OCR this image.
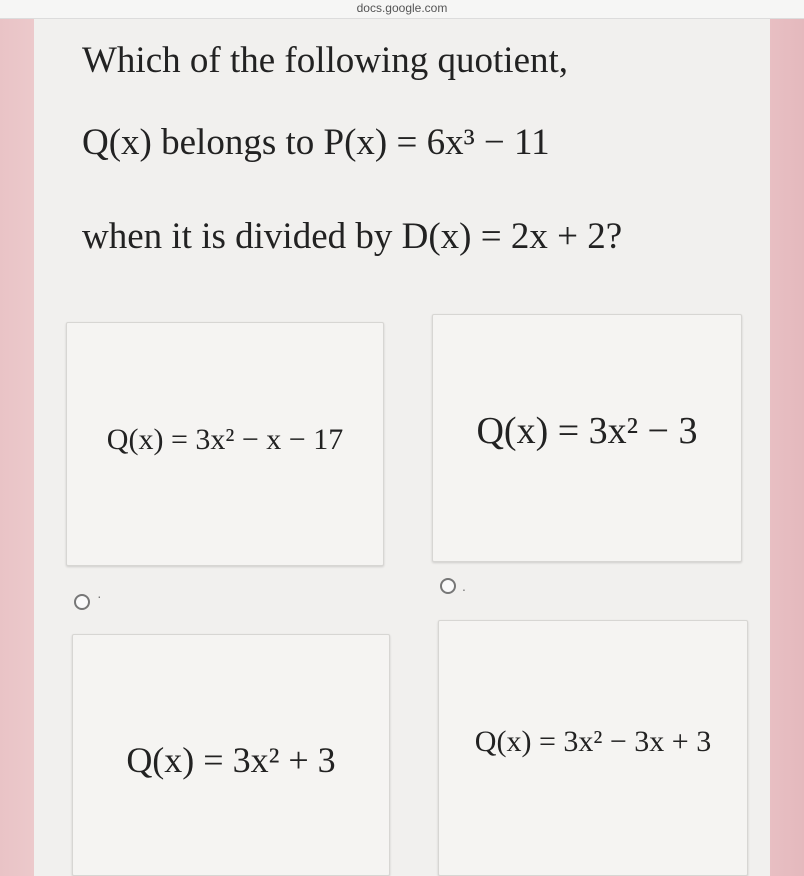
docs.google.com
Which of the following quotient,
Q(x) belongs to P(x) = 6x³ − 11
when it is divided by D(x) = 2x + 2?
Q(x) = 3x² − x − 17
·
Q(x) = 3x² − 3
.
Q(x) = 3x² + 3	Q(x) = 3x² − 3x + 3
